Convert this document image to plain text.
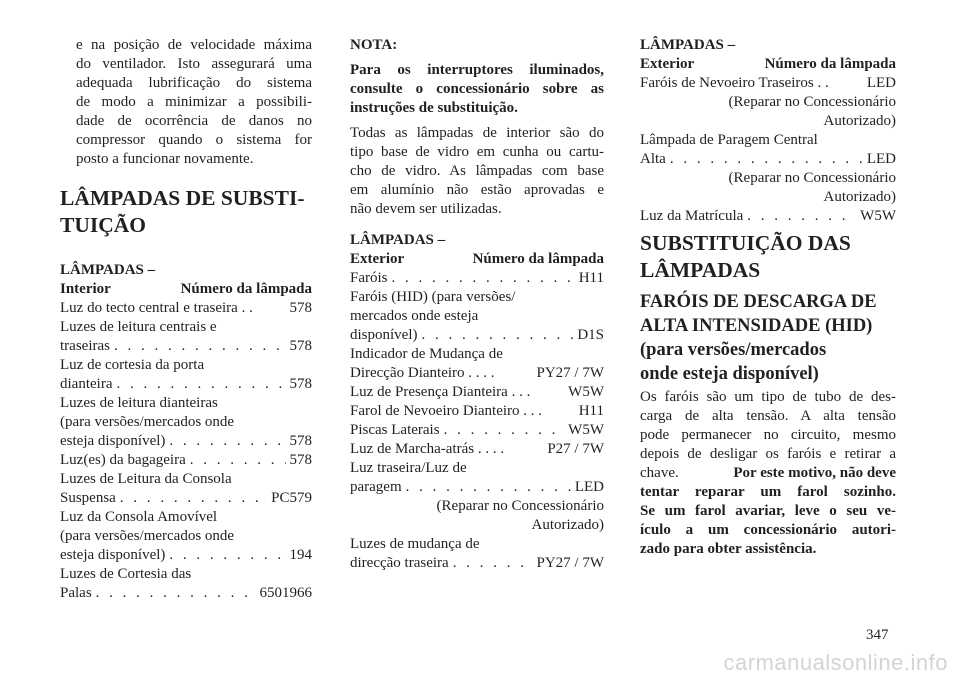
e na posição de velocidade máxima
do ventilador. Isto assegurará uma
adequada lubrificação do sistema
de modo a minimizar a possibili-
dade de ocorrência de danos no
compressor quando o sistema for
posto a funcionar novamente.
LÂMPADAS DE SUBSTI-
TUIÇÃO
LÂMPADAS –
Interior	Número da lâmpada
Luz do tecto central e traseira . . 578
Luzes de leitura centrais e
traseiras . . .	578
Luz de cortesia da porta
dianteira . . .	578
Luzes de leitura dianteiras
(para versões/mercados onde
esteja disponível) . . .	578
Luz(es) da bagageira . . .	578
Luzes de Leitura da Consola
Suspensa . . .	PC579
Luz da Consola Amovível
(para versões/mercados onde
esteja disponível) . . .	194
Luzes de Cortesia das
Palas . . .	6501966
NOTA:
Para os interruptores iluminados,
consulte o concessionário sobre as
instruções de substituição.
Todas as lâmpadas de interior são do
tipo base de vidro em cunha ou cartu-
cho de vidro. As lâmpadas com base
em alumínio não estão aprovadas e
não devem ser utilizadas.
LÂMPADAS –
Exterior	Número da lâmpada
Faróis . . .	H11
Faróis (HID) (para versões/
mercados onde esteja
disponível) . . .	D1S
Indicador de Mudança de
Direcção Dianteiro . . . .	PY27 / 7W
Luz de Presença Dianteira . . .	W5W
Farol de Nevoeiro Dianteiro . . . H11
Piscas Laterais . . .	W5W
Luz de Marcha-atrás . . . .	P27 / 7W
Luz traseira/Luz de
paragem . . .	LED
(Reparar no Concessionário
Autorizado)
Luzes de mudança de
direcção traseira . . .	PY27 / 7W
LÂMPADAS –
Exterior	Número da lâmpada
Faróis de Nevoeiro Traseiros . .	LED
(Reparar no Concessionário
Autorizado)
Lâmpada de Paragem Central
Alta . . .	LED
(Reparar no Concessionário
Autorizado)
Luz da Matrícula . . .	W5W
SUBSTITUIÇÃO DAS
LÂMPADAS
FARÓIS DE DESCARGA DE
ALTA INTENSIDADE (HID)
(para versões/mercados
onde esteja disponível)
Os faróis são um tipo de tubo de des-
carga de alta tensão. A alta tensão
pode permanecer no circuito, mesmo
depois de desligar os faróis e retirar a
chave.	Por este motivo, não deve
tentar reparar um farol sozinho.
Se um farol avariar, leve o seu ve-
ículo a um concessionário autori-
zado para obter assistência.
347
carmanualsonline.info
